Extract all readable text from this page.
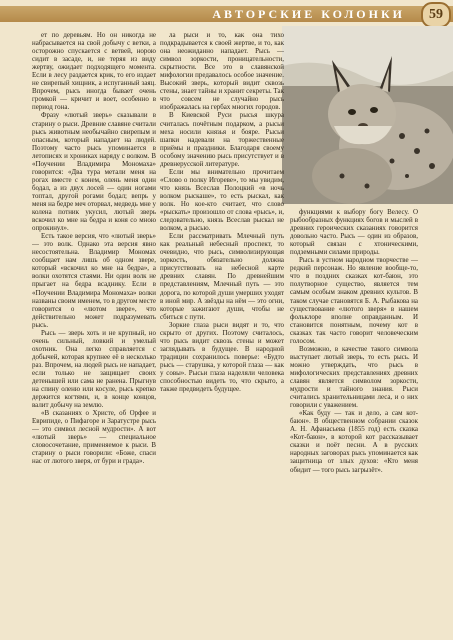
АВТОРСКИЕ КОЛОНКИ	59

ет по деревьям. Но он никогда не набрасывается на свой добычу с ветки, а осторожно спускается с ветвей, норою сидит в засаде, и, не теряя из виду жертву, ожидает подходящего момента. Если в лесу раздается крик, то его издает не свирепый хищник, а испуганный заяц. Впрочем, рысь иногда бывает очень громкой — кричит и воет, особенно в период гона.

Фразу «лютый зверь» сказывали в старину о рыси. Древние славяне считали рысь животным необычайно свирепым и опасным, который нападает на людей. Поэтому часто рысь упоминается в летописях и хрониках наряду с волком. В «Поучении Владимира Мономаха» говорится: «Два тура метали меня на рогах вместе с конем, олень меня один бодал, а из двух лосей — один ногами топтал, другой рогами бодал; вепрь у меня на бедре меч оторвал, медведь мне у колена потник укусил, лютый зверь вскочил ко мне на бедра и коня со мною опрокинул».

Есть такое версия, что «лютый зверь» — это волк. Однако эта версия явно несостоятельна. Владимир Мономах сообщает нам лишь об одном звере, который «вскочил ко мне на бедра», а волки охотятся стаями. Ни один волк не прыгает на бедра всаднику. Если в «Поучении Владимира Мономаха» волки названы своим именем, то в другом месте говорится о «лютом звере», что действительно может подразумевать рысь.

Рысь — зверь хоть и не крупный, но очень сильный, ловкий и умелый охотник. Она легко справляется с добычей, которая крупнее её в несколько раз. Впрочем, на людей рысь не нападает, если только не защищает своих детенышей или сама не ранена. Прыгнув на спину оленю или косуле, рысь крепко держится когтями, и, в конце концов, валит добычу на землю.

«В сказаниях о Христе, об Орфее и Еврипиде, о Пифагоре и Заратустре рысь — это символ лесной мудрости». А вот «лютый зверь» — специальное словосочетание, применяемое к рыси. В старину о рыси говорили: «Боже, спаси нас от лютого зверя, от бури и града».

ла рыси и то, как она тихо подкрадывается к своей жертве, и то, как она неожиданно нападает. Рысь — символ зоркости, проницательности, скрытности. Все это в славянской мифологии предавалось особое значение. Высокий зверь, который видит сквозь стены, знает тайны и хранит секреты. Так что совсем не случайно рысь изображалась на гербах многих городов.

В Киевской Руси рысья шкура считалась почётным подарком, а рысьи меха носили князья и бояре. Рысьи шапки надевали на торжественные приёмы и праздники. Благодаря своему особому значению рысь присутствует и в древнерусской литературе.

Если мы внимательно прочитаем «Слово о полку Игореве», то мы увидим, что князь Всеслав Полоцкий «в ночь волком рыскаше», то есть рыскал, как волк. Но кое-кто считает, что слово «рыскать» произошло от слова «рысь», и, следовательно, князь Всеслав рыскал не волком, а рысью.

Если рассматривать Млечный путь как реальный небесный проспект, то очевидно, что рысь, символизирующая зоркость, обязательно должна присутствовать на небесной карте древних славян. По древнейшим представлениям, Млечный путь — это дорога, по которой души умерших уходят в иной мир. А звёзды на нём — это огни, которые зажигают души, чтобы не сбиться с пути.

Зоркие глаза рыси видят и то, что скрыто от других. Поэтому считалось, что рысь видит сквозь стены и может заглядывать в будущее. В народной традиции сохранилось поверье: «Будто рысь — старушка, у которой глаза — как у совы». Рысьи глаза наделяли человека способностью видеть то, что скрыто, а также предвидеть будущее.

функциями к выбору богу Велесу. О рыбообразных функциях богов и мыслей в древних героических сказаниях говорится довольно часто. Рысь — один из образов, который связан с хтоническими, подземными силами природы.

Рысь в устном народном творчестве — редкий персонаж. Но явление вообще-то, что в поздних сказках кот-баюн, это полутворное существо, является тем самым особым знаком древних культов. В таком случае становятся Б. А. Рыбакова на существование «лютого зверя» в нашем фольклоре вполне оправданным. И становится понятным, почему кот в сказках так часто говорит человеческим голосом.

Возможно, в качестве такого символа выступает лютый зверь, то есть рысь. И можно утверждать, что рысь в мифологических представлениях древних славян является символом зоркости, мудрости и тайного знания. Рыси считались хранительницами леса, и о них говорили с уважением.

«Как буду — так и дело, а сам кот-баюн». В общественном собрании сказок А. Н. Афанасьева (1855 год) есть сказка «Кот-баюн», в которой кот рассказывает сказки и поёт песни. А в русских народных заговорах рысь упоминается как защитница от злых духов: «Кто меня обидит — того рысь загрызёт».
